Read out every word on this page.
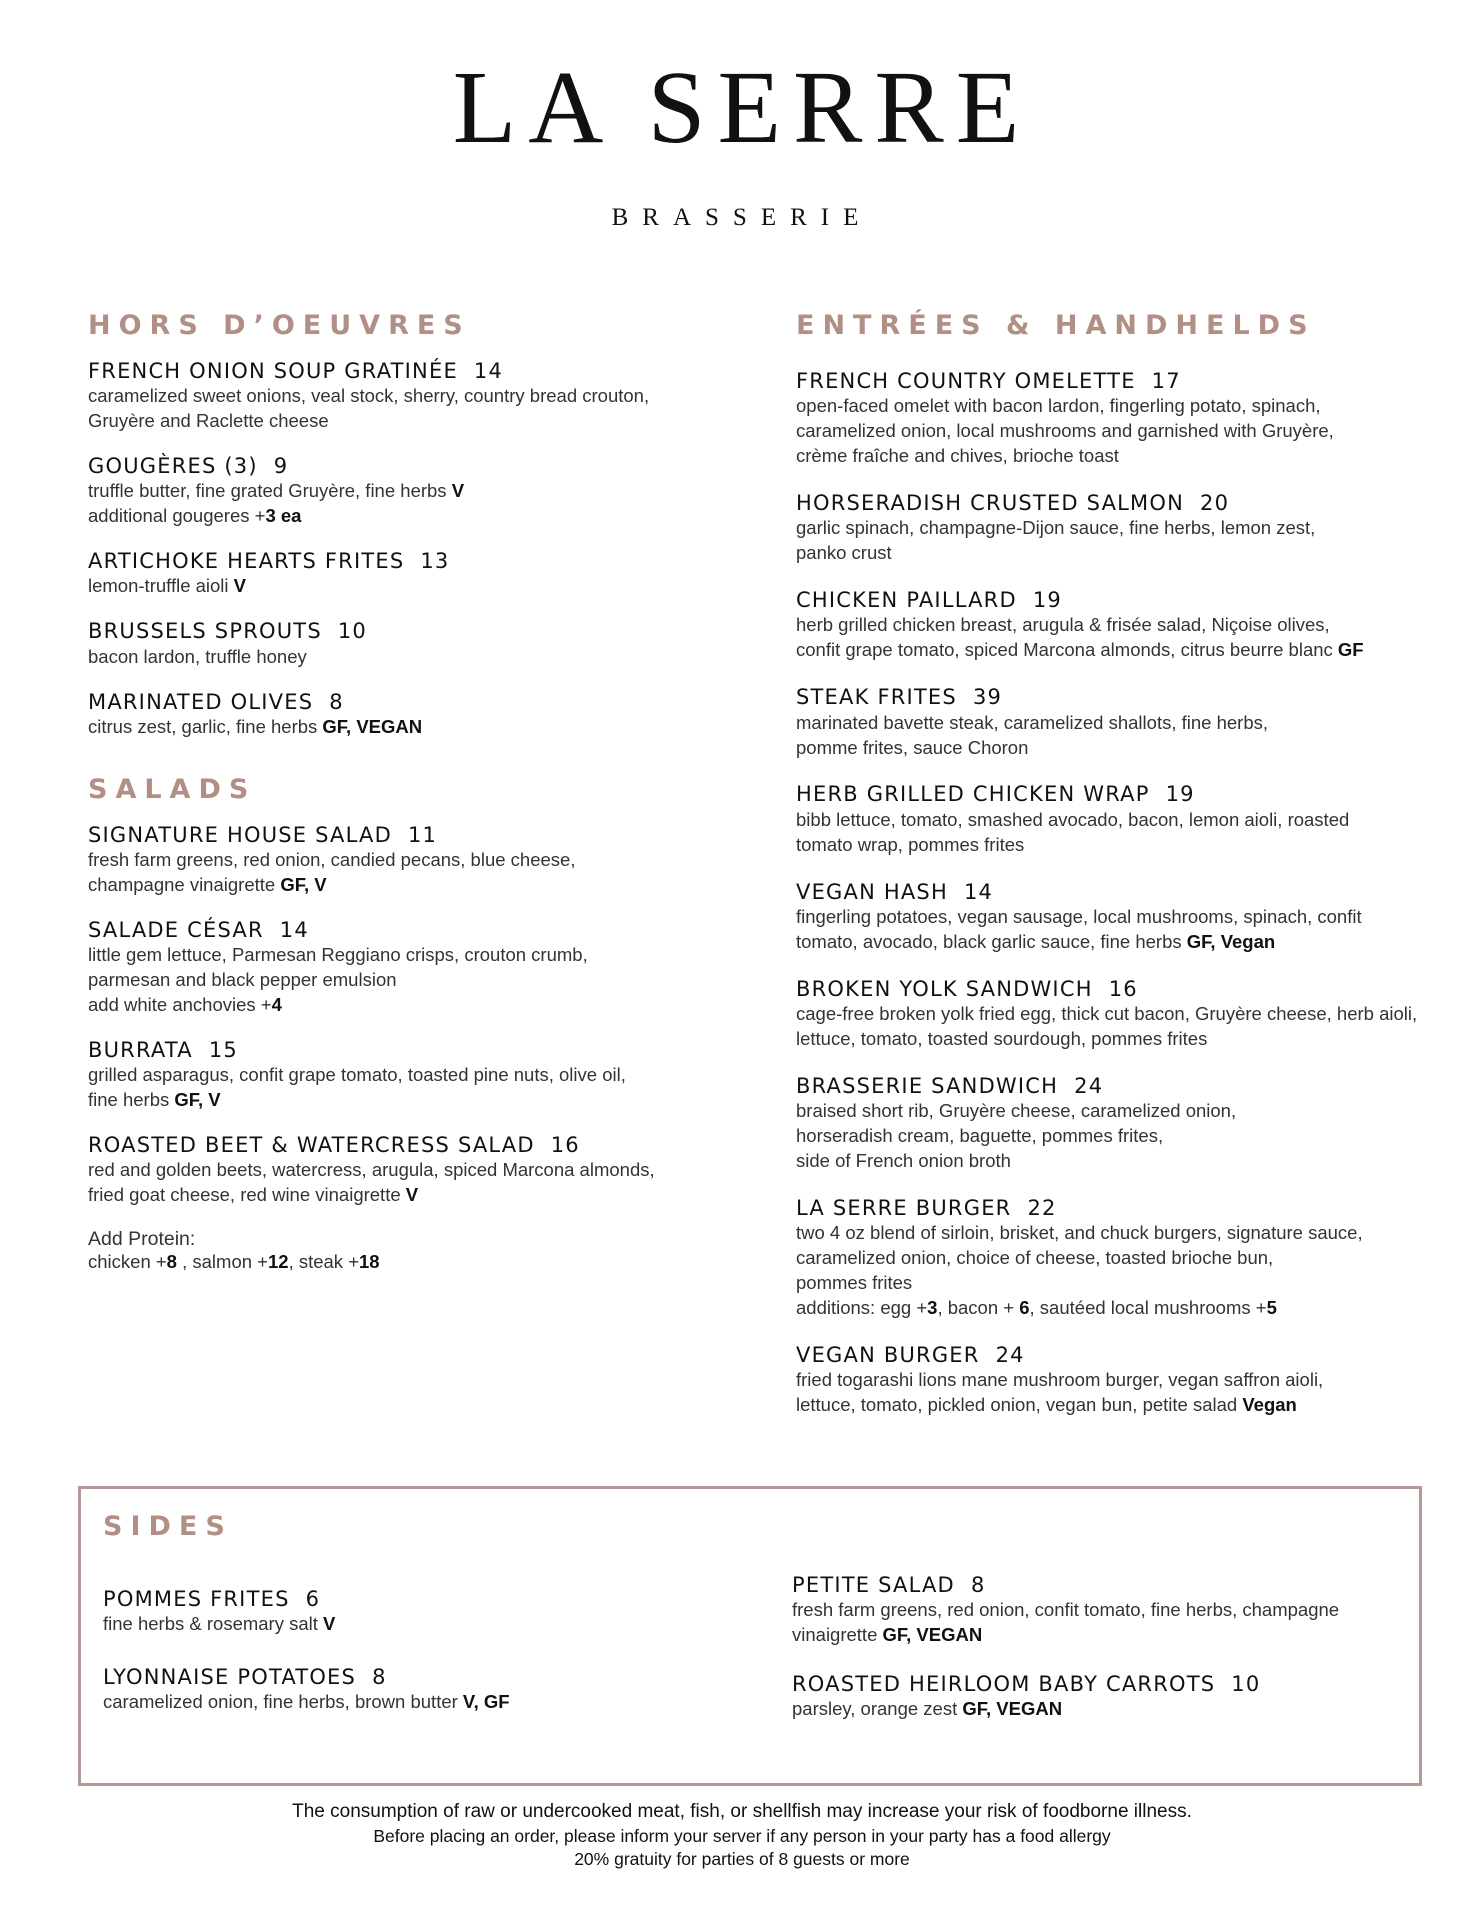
LA SERRE
BRASSERIE
HORS D’OEUVRES
FRENCH ONION SOUP GRATINÉE 14
caramelized sweet onions, veal stock, sherry, country bread crouton,
Gruyère and Raclette cheese
GOUGÈRES (3) 9
truffle butter, fine grated Gruyère, fine herbs V
additional gougeres +3 ea
ARTICHOKE HEARTS FRITES 13
lemon-truffle aioli V
BRUSSELS SPROUTS 10
bacon lardon, truffle honey
MARINATED OLIVES 8
citrus zest, garlic, fine herbs GF, VEGAN
SALADS
SIGNATURE HOUSE SALAD 11
fresh farm greens, red onion, candied pecans, blue cheese,
champagne vinaigrette GF, V
SALADE CÉSAR 14
little gem lettuce, Parmesan Reggiano crisps, crouton crumb,
parmesan and black pepper emulsion
add white anchovies +4
BURRATA 15
grilled asparagus, confit grape tomato, toasted pine nuts, olive oil,
fine herbs GF, V
ROASTED BEET & WATERCRESS SALAD 16
red and golden beets, watercress, arugula, spiced Marcona almonds,
fried goat cheese, red wine vinaigrette V
Add Protein:
chicken +8 , salmon +12, steak +18
ENTRÉES & HANDHELDS
FRENCH COUNTRY OMELETTE 17
open-faced omelet with bacon lardon, fingerling potato, spinach,
caramelized onion, local mushrooms and garnished with Gruyère,
crème fraîche and chives, brioche toast
HORSERADISH CRUSTED SALMON 20
garlic spinach, champagne-Dijon sauce, fine herbs, lemon zest,
panko crust
CHICKEN PAILLARD 19
herb grilled chicken breast, arugula & frisée salad, Niçoise olives,
confit grape tomato, spiced Marcona almonds, citrus beurre blanc GF
STEAK FRITES 39
marinated bavette steak, caramelized shallots, fine herbs,
pomme frites, sauce Choron
HERB GRILLED CHICKEN WRAP 19
bibb lettuce, tomato, smashed avocado, bacon, lemon aioli, roasted
tomato wrap, pommes frites
VEGAN HASH 14
fingerling potatoes, vegan sausage, local mushrooms, spinach, confit
tomato, avocado, black garlic sauce, fine herbs GF, Vegan
BROKEN YOLK SANDWICH 16
cage-free broken yolk fried egg, thick cut bacon, Gruyère cheese, herb aioli,
lettuce, tomato, toasted sourdough, pommes frites
BRASSERIE SANDWICH 24
braised short rib, Gruyère cheese, caramelized onion,
horseradish cream, baguette, pommes frites,
side of French onion broth
LA SERRE BURGER 22
two 4 oz blend of sirloin, brisket, and chuck burgers, signature sauce,
caramelized onion, choice of cheese, toasted brioche bun,
pommes frites
additions: egg +3, bacon + 6, sautéed local mushrooms +5
VEGAN BURGER 24
fried togarashi lions mane mushroom burger, vegan saffron aioli,
lettuce, tomato, pickled onion, vegan bun, petite salad Vegan
SIDES
POMMES FRITES 6
fine herbs & rosemary salt V
LYONNAISE POTATOES 8
caramelized onion, fine herbs, brown butter V, GF
PETITE SALAD 8
fresh farm greens, red onion, confit tomato, fine herbs, champagne
vinaigrette GF, VEGAN
ROASTED HEIRLOOM BABY CARROTS 10
parsley, orange zest GF, VEGAN
The consumption of raw or undercooked meat, fish, or shellfish may increase your risk of foodborne illness.
Before placing an order, please inform your server if any person in your party has a food allergy
20% gratuity for parties of 8 guests or more
